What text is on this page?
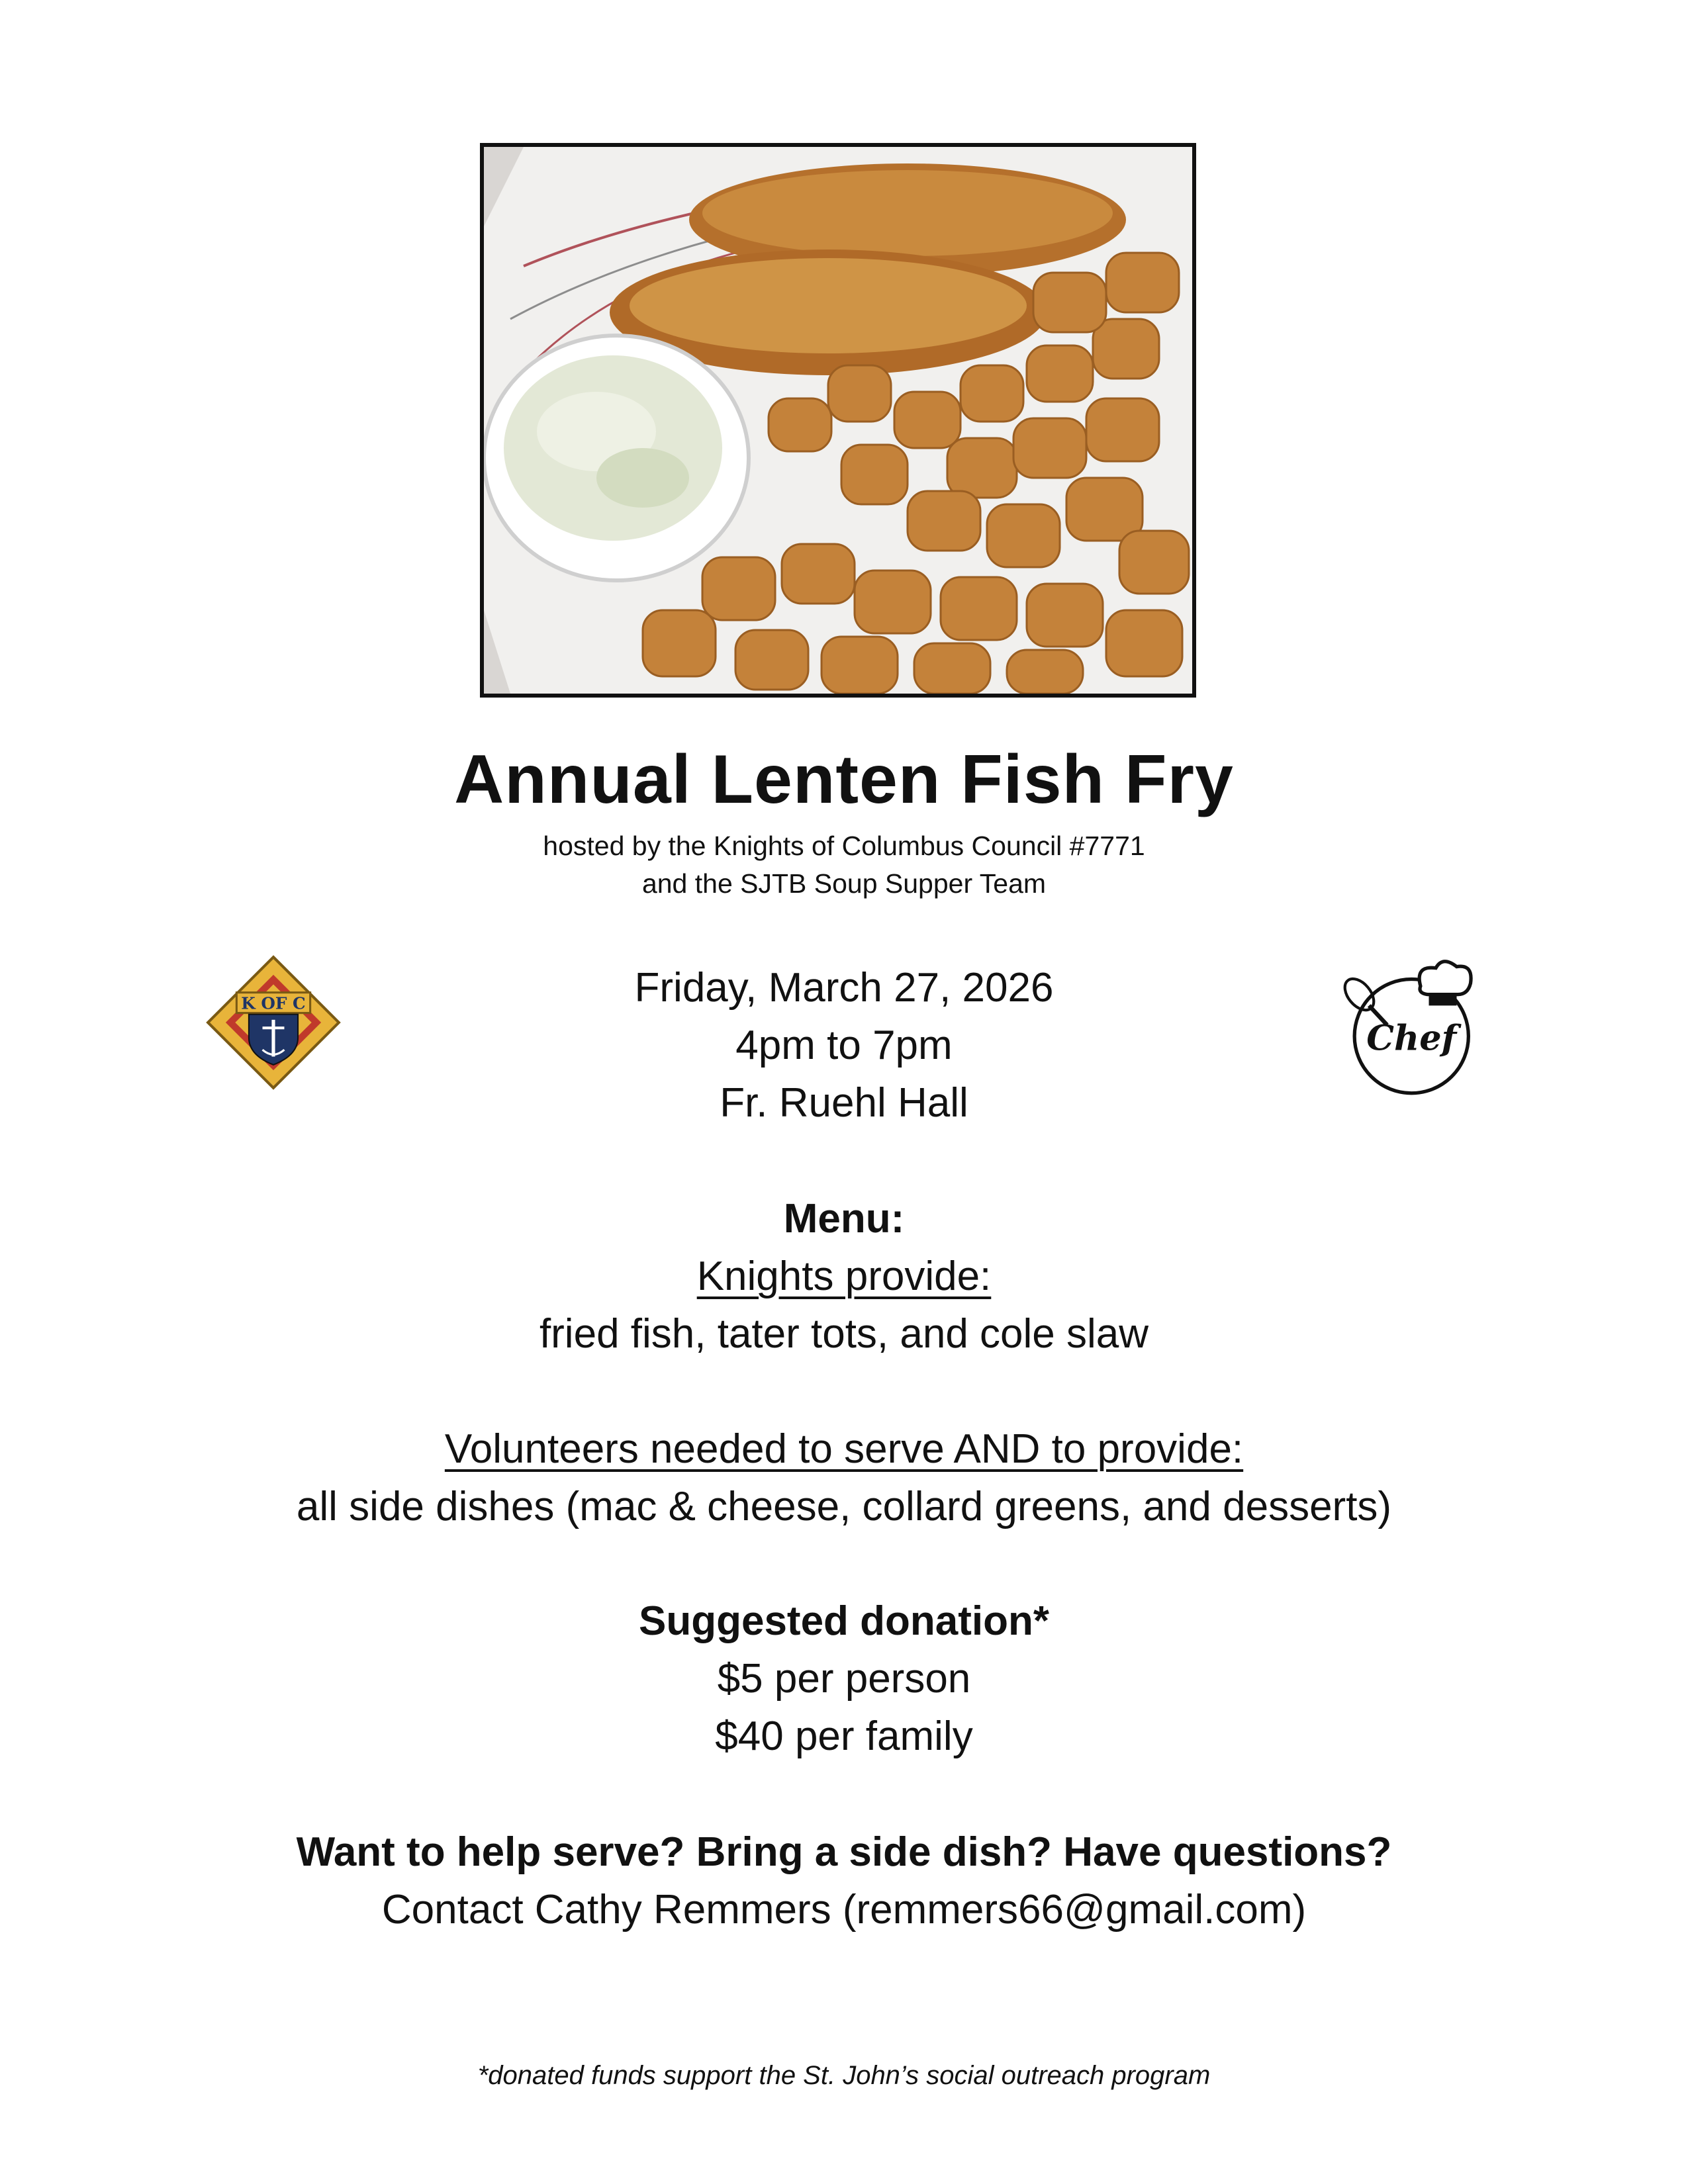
Annual Lenten Fish Fry
hosted by the Knights of Columbus Council #7771
and the SJTB Soup Supper Team
K OF C
Chef
Friday, March 27, 2026
4pm to 7pm
Fr. Ruehl Hall
Menu:
Knights provide:
fried fish, tater tots, and cole slaw
Volunteers needed to serve AND to provide:
all side dishes (mac & cheese, collard greens, and desserts)
Suggested donation*
$5 per person
$40 per family
Want to help serve? Bring a side dish? Have questions?
Contact Cathy Remmers (remmers66@gmail.com)
*donated funds support the St. John’s social outreach program
